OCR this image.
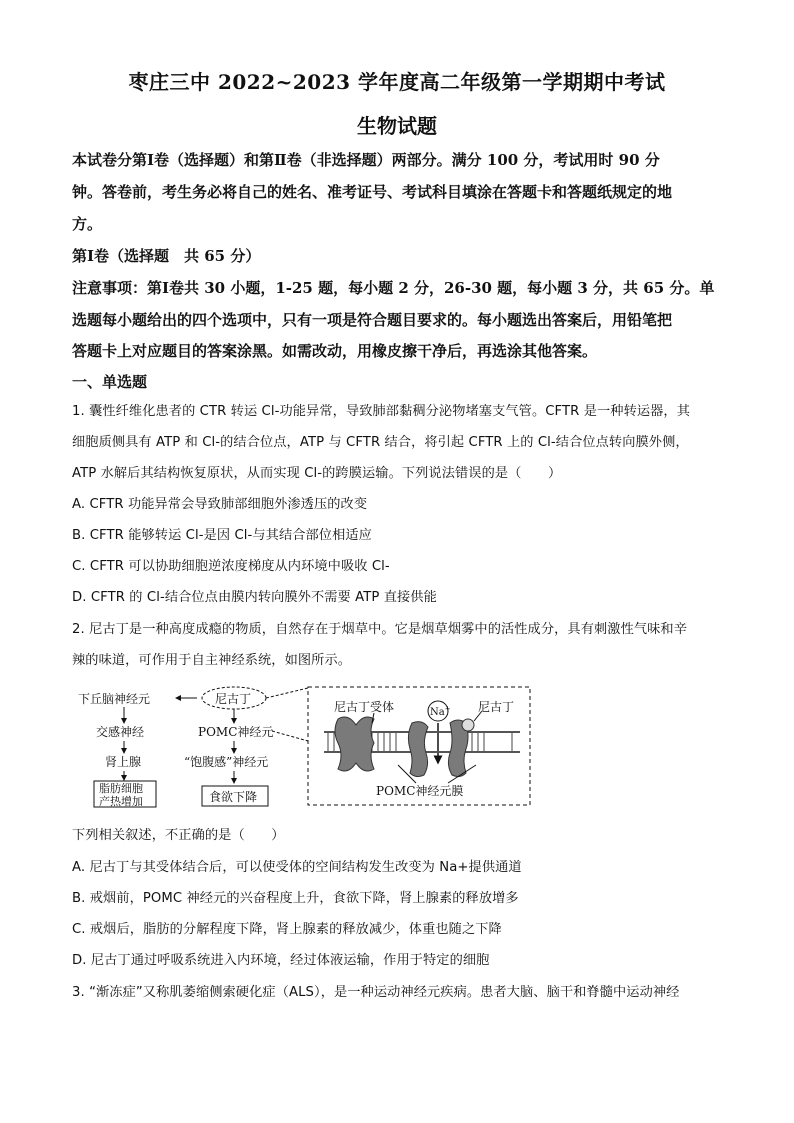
枣庄三中 2022~2023 学年度高二年级第一学期期中考试
生物试题
本试卷分第Ⅰ卷（选择题）和第Ⅱ卷（非选择题）两部分。满分 100 分，考试用时 90 分
钟。答卷前，考生务必将自己的姓名、准考证号、考试科目填涂在答题卡和答题纸规定的地
方。
第Ⅰ卷（选择题　共 65 分）
注意事项：第Ⅰ卷共 30 小题，1-25 题，每小题 2 分，26-30 题，每小题 3 分，共 65 分。单
选题每小题给出的四个选项中，只有一项是符合题目要求的。每小题选出答案后，用铅笔把
答题卡上对应题目的答案涂黑。如需改动，用橡皮擦干净后，再选涂其他答案。
一、单选题
1. 囊性纤维化患者的 CTR 转运 Cl-功能异常，导致肺部黏稠分泌物堵塞支气管。CFTR 是一种转运器，其
细胞质侧具有 ATP 和 Cl-的结合位点，ATP 与 CFTR 结合，将引起 CFTR 上的 Cl-结合位点转向膜外侧，
ATP 水解后其结构恢复原状，从而实现 Cl-的跨膜运输。下列说法错误的是（　　）
A. CFTR 功能异常会导致肺部细胞外渗透压的改变
B. CFTR 能够转运 Cl-是因 Cl-与其结合部位相适应
C. CFTR 可以协助细胞逆浓度梯度从内环境中吸收 Cl-
D. CFTR 的 Cl-结合位点由膜内转向膜外不需要 ATP 直接供能
2. 尼古丁是一种高度成瘾的物质，自然存在于烟草中。它是烟草烟雾中的活性成分，具有刺激性气味和辛
辣的味道，可作用于自主神经系统，如图所示。
下丘脑神经元	尼古丁
交感神经
肾上腺
脂肪细胞
产热增加
POMC神经元
“饱腹感”神经元
食欲下降
尼古丁受体	尼古丁
Na+
POMC神经元膜
下列相关叙述，不正确的是（　　）
A. 尼古丁与其受体结合后，可以使受体的空间结构发生改变为 Na+提供通道
B. 戒烟前，POMC 神经元的兴奋程度上升，食欲下降，肾上腺素的释放增多
C. 戒烟后，脂肪的分解程度下降，肾上腺素的释放减少，体重也随之下降
D. 尼古丁通过呼吸系统进入内环境，经过体液运输，作用于特定的细胞
3. “渐冻症”又称肌萎缩侧索硬化症（ALS），是一种运动神经元疾病。患者大脑、脑干和脊髓中运动神经
